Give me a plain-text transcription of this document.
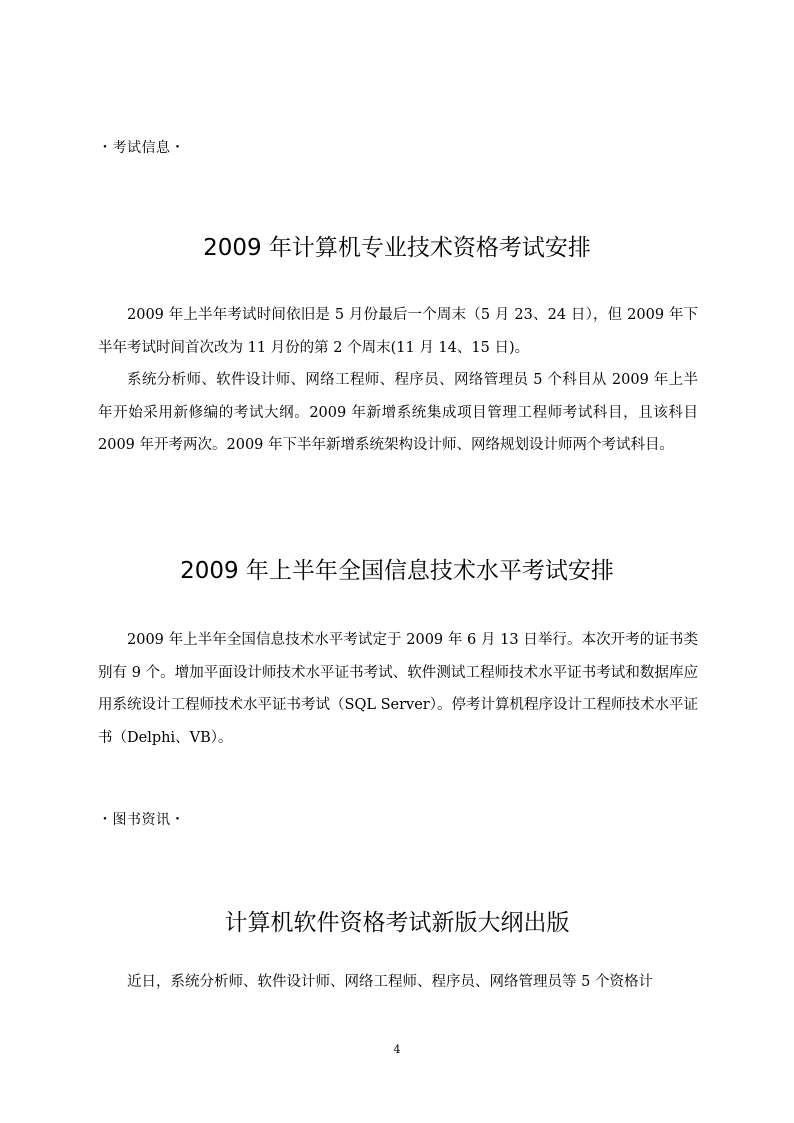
・考试信息・
2009 年计算机专业技术资格考试安排

2009 年上半年考试时间依旧是 5 月份最后一个周末（5 月 23、24 日），但 2009 年下半年考试时间首次改为 11 月份的第 2 个周末(11 月 14、15 日)。

系统分析师、软件设计师、网络工程师、程序员、网络管理员 5 个科目从 2009 年上半年开始采用新修编的考试大纲。2009 年新增系统集成项目管理工程师考试科目，且该科目 2009 年开考两次。2009 年下半年新增系统架构设计师、网络规划设计师两个考试科目。

2009 年上半年全国信息技术水平考试安排

2009 年上半年全国信息技术水平考试定于 2009 年 6 月 13 日举行。本次开考的证书类别有 9 个。增加平面设计师技术水平证书考试、软件测试工程师技术水平证书考试和数据库应用系统设计工程师技术水平证书考试（SQL Server）。停考计算机程序设计工程师技术水平证书（Delphi、VB）。

・图书资讯・
计算机软件资格考试新版大纲出版

近日，系统分析师、软件设计师、网络工程师、程序员、网络管理员等 5 个资格计

4
